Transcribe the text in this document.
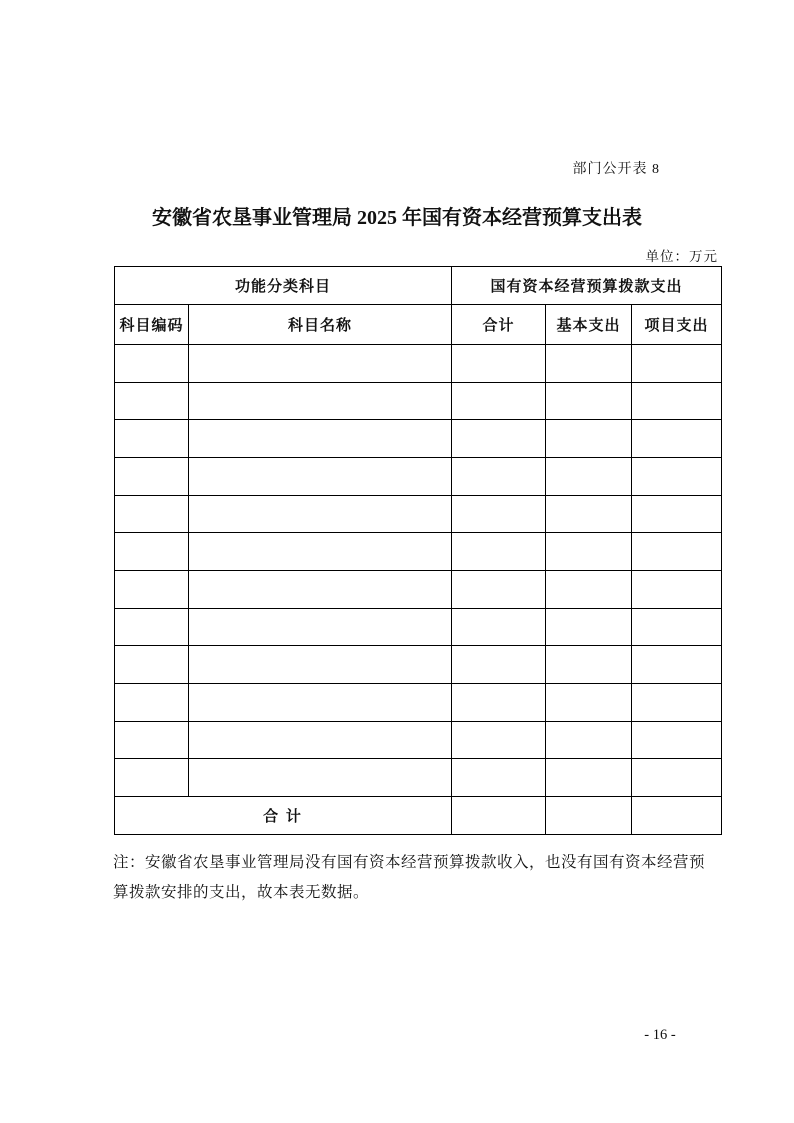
部门公开表 8
安徽省农垦事业管理局 2025 年国有资本经营预算支出表
单位：万元
功能分类科目		国有资本经营预算拨款支出		
科目编码	科目名称	合计	基本支出	项目支出

合 计				
注：安徽省农垦事业管理局没有国有资本经营预算拨款收入，也没有国有资本经营预
算拨款安排的支出，故本表无数据。
- 16 -
